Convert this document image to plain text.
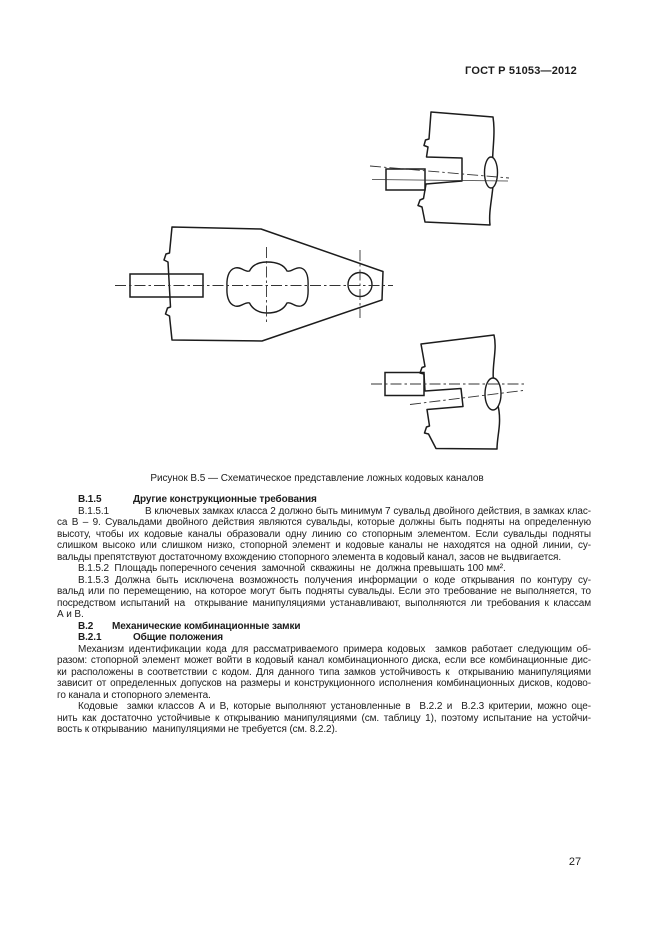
ГОСТ Р 51053—2012
Рисунок В.5 — Схематическое представление ложных кодовых каналов
В.1.5	Другие конструкционные требования
В.1.5.1	В ключевых замках класса 2 должно быть минимум 7 сувальд двойного действия, в замках клас-
са В – 9. Сувальдами двойного действия являются сувальды, которые должны быть подняты на определенную
высоту, чтобы их кодовые каналы образовали одну линию со стопорным элементом. Если сувальды подняты
слишком высоко или слишком низко, стопорной элемент и кодовые каналы не находятся на одной линии, су-
вальды препятствуют достаточному вхождению стопорного элемента в кодовый канал, засов не выдвигается.
В.1.5.2  Площадь поперечного сечения  замочной  скважины  не  должна превышать 100 мм².
В.1.5.3 Должна быть исключена возможность получения информации о коде открывания по контуру су-
вальд или по перемещению, на которое могут быть подняты сувальды. Если это требование не выполняется, то
посредством испытаний на  открывание манипуляциями устанавливают, выполняются ли требования к классам
А и В.
В.2 Механические комбинационные замки
В.2.1	Общие положения
Механизм идентификации кода для рассматриваемого примера кодовых  замков работает следующим об-
разом: стопорной элемент может войти в кодовый канал комбинационного диска, если все комбинационные дис-
ки расположены в соответствии с кодом. Для данного типа замков устойчивость к  открыванию манипуляциями
зависит от определенных допусков на размеры и конструкционного исполнения комбинационных дисков, кодово-
го канала и стопорного элемента.
Кодовые  замки классов А и В, которые выполняют установленные в  В.2.2 и  В.2.3 критерии, можно оце-
нить как достаточно устойчивые к открыванию манипуляциями (см. таблицу 1), поэтому испытание на устойчи-
вость к открыванию  манипуляциями не требуется (см. 8.2.2).
27
